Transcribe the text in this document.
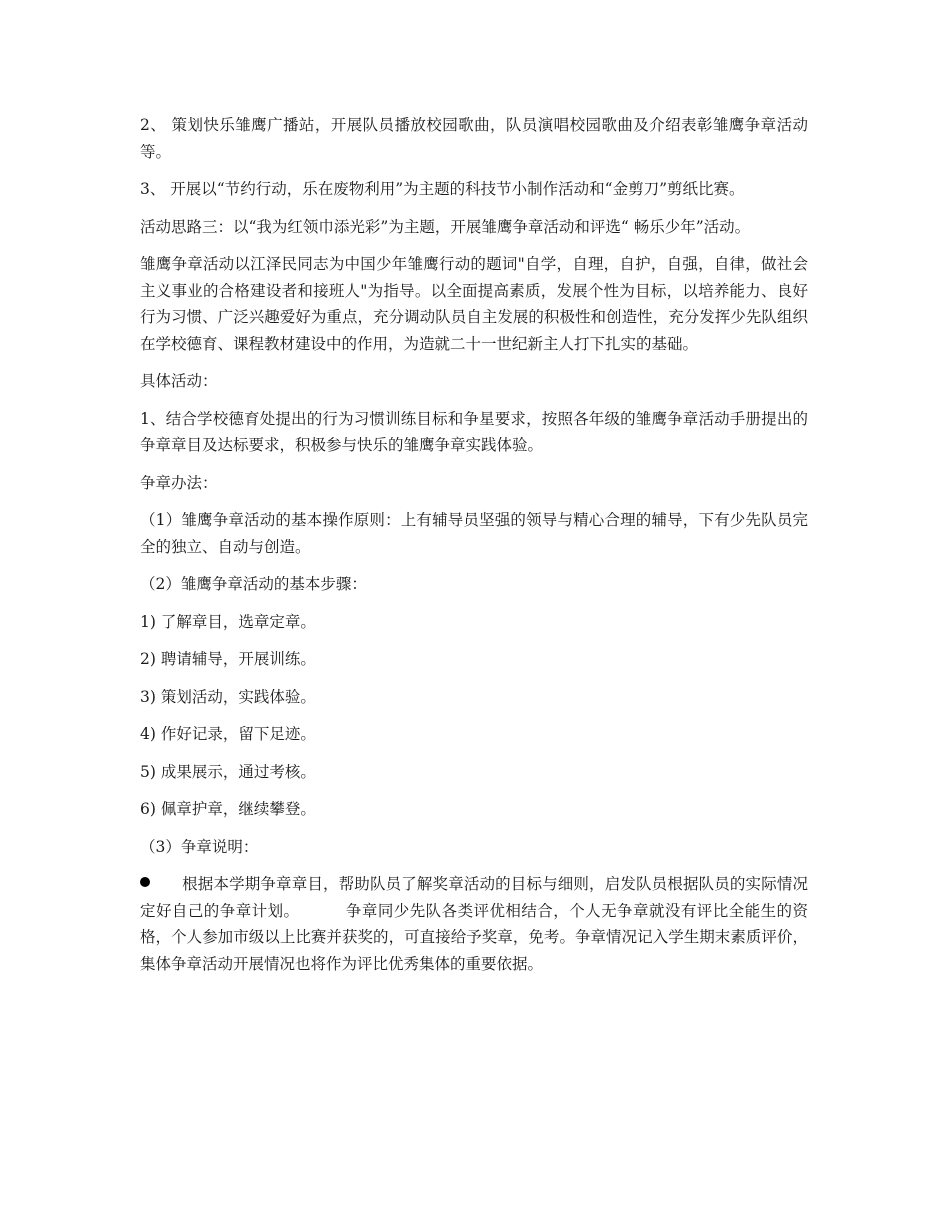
2、 策划快乐雏鹰广播站，开展队员播放校园歌曲，队员演唱校园歌曲及介绍表彰雏鹰争章活动等。

3、 开展以“节约行动，乐在废物利用”为主题的科技节小制作活动和“金剪刀”剪纸比赛。

活动思路三：以“我为红领巾添光彩”为主题，开展雏鹰争章活动和评选“ 畅乐少年”活动。

雏鹰争章活动以江泽民同志为中国少年雏鹰行动的题词"自学，自理，自护，自强，自律，做社会主义事业的合格建设者和接班人"为指导。以全面提高素质，发展个性为目标，以培养能力、良好行为习惯、广泛兴趣爱好为重点，充分调动队员自主发展的积极性和创造性，充分发挥少先队组织在学校德育、课程教材建设中的作用，为造就二十一世纪新主人打下扎实的基础。

具体活动：

1、结合学校德育处提出的行为习惯训练目标和争星要求，按照各年级的雏鹰争章活动手册提出的争章章目及达标要求，积极参与快乐的雏鹰争章实践体验。

争章办法：

（1）雏鹰争章活动的基本操作原则：上有辅导员坚强的领导与精心合理的辅导，下有少先队员完全的独立、自动与创造。

（2）雏鹰争章活动的基本步骤：

1) 了解章目，选章定章。

2) 聘请辅导，开展训练。

3) 策划活动，实践体验。

4) 作好记录，留下足迹。

5) 成果展示，通过考核。

6) 佩章护章，继续攀登。

（3）争章说明：

根据本学期争章章目，帮助队员了解奖章活动的目标与细则，启发队员根据队员的实际情况定好自己的争章计划。	争章同少先队各类评优相结合，个人无争章就没有评比全能生的资格，个人参加市级以上比赛并获奖的，可直接给予奖章，免考。争章情况记入学生期末素质评价，集体争章活动开展情况也将作为评比优秀集体的重要依据。
